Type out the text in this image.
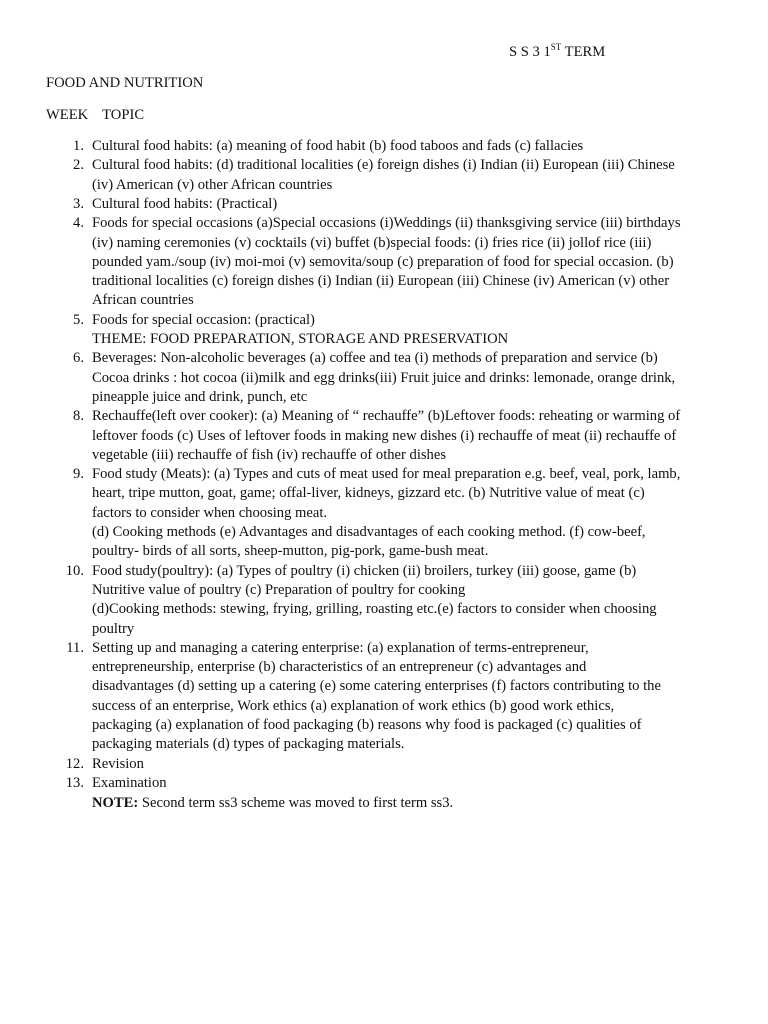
S S 3 1ST TERM
FOOD AND NUTRITION
WEEK TOPIC
1. Cultural food habits: (a) meaning of food habit (b) food taboos and fads (c) fallacies
2. Cultural food habits: (d) traditional localities (e) foreign dishes (i) Indian (ii) European (iii) Chinese
(iv) American (v) other African countries
3. Cultural food habits: (Practical)
4. Foods for special occasions (a)Special occasions (i)Weddings (ii) thanksgiving service (iii) birthdays
(iv) naming ceremonies (v) cocktails (vi) buffet (b)special foods: (i) fries rice (ii) jollof rice (iii)
pounded yam./soup (iv) moi-moi (v) semovita/soup (c) preparation of food for special occasion. (b)
traditional localities (c) foreign dishes (i) Indian (ii) European (iii) Chinese (iv) American (v) other
African countries
5. Foods for special occasion: (practical)
THEME: FOOD PREPARATION, STORAGE AND PRESERVATION
6. Beverages: Non-alcoholic beverages (a) coffee and tea (i) methods of preparation and service (b)
Cocoa drinks : hot cocoa (ii)milk and egg drinks(iii) Fruit juice and drinks: lemonade, orange drink,
pineapple juice and drink, punch, etc
8. Rechauffe(left over cooker): (a) Meaning of “ rechauffe” (b)Leftover foods: reheating or warming of
leftover foods (c) Uses of leftover foods in making new dishes (i) rechauffe of meat (ii) rechauffe of
vegetable (iii) rechauffe of fish (iv) rechauffe of other dishes
9. Food study (Meats): (a) Types and cuts of meat used for meal preparation e.g. beef, veal, pork, lamb,
heart, tripe mutton, goat, game; offal-liver, kidneys, gizzard etc. (b) Nutritive value of meat (c)
factors to consider when choosing meat.
(d) Cooking methods (e) Advantages and disadvantages of each cooking method. (f) cow-beef,
poultry- birds of all sorts, sheep-mutton, pig-pork, game-bush meat.
10. Food study(poultry): (a) Types of poultry (i) chicken (ii) broilers, turkey (iii) goose, game (b)
Nutritive value of poultry (c) Preparation of poultry for cooking
(d)Cooking methods: stewing, frying, grilling, roasting etc.(e) factors to consider when choosing
poultry
11. Setting up and managing a catering enterprise: (a) explanation of terms-entrepreneur,
entrepreneurship, enterprise (b) characteristics of an entrepreneur (c) advantages and
disadvantages (d) setting up a catering (e) some catering enterprises (f) factors contributing to the
success of an enterprise, Work ethics (a) explanation of work ethics (b) good work ethics,
packaging (a) explanation of food packaging (b) reasons why food is packaged (c) qualities of
packaging materials (d) types of packaging materials.
12. Revision
13. Examination
NOTE: Second term ss3 scheme was moved to first term ss3.
